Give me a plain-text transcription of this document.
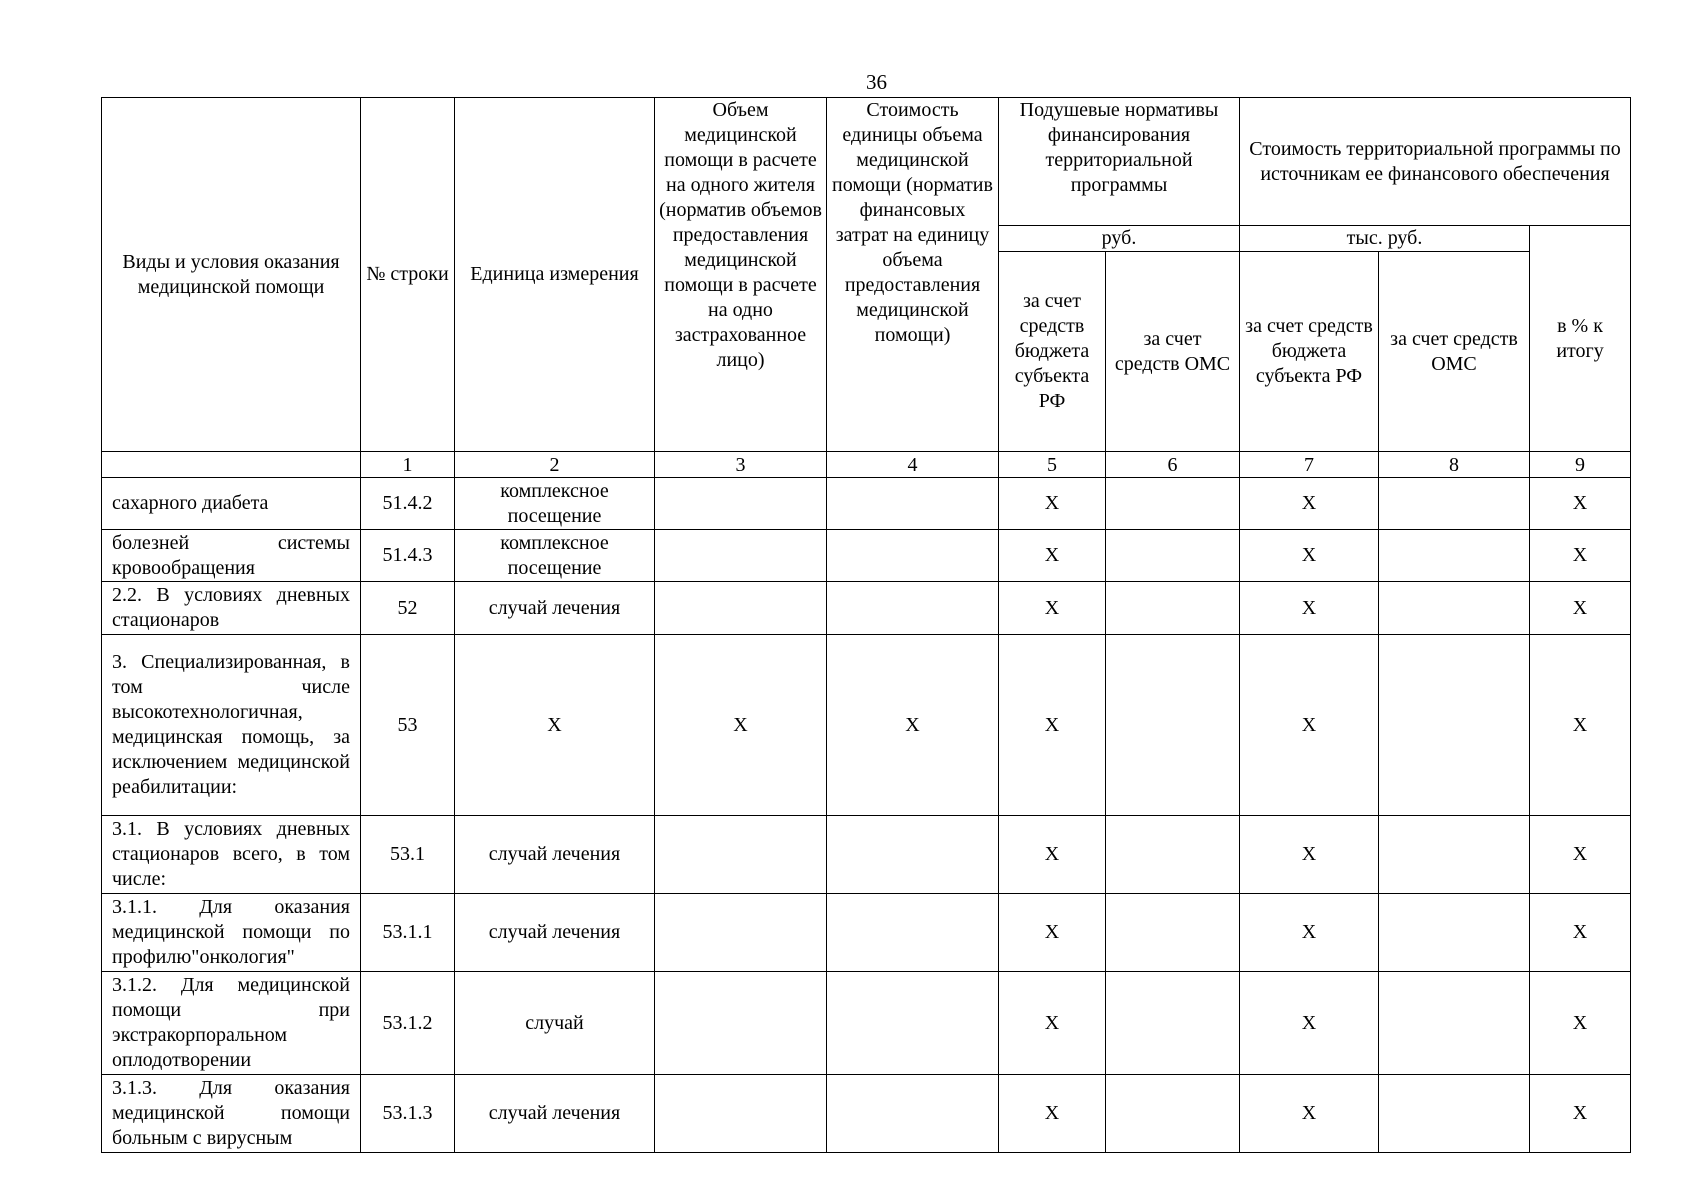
36
Виды и условия оказания медицинской помощи	№ строки	Единица измерения	Объем медицинской помощи в расчете на одного жителя (норматив объемов предоставления медицинской помощи в расчете на одно застрахованное лицо)	Стоимость единицы объема медицинской помощи (норматив финансовых затрат на единицу объема предоставления медицинской помощи)	Подушевые нормативы финансирования территориальной программы		Стоимость территориальной программы по источникам ее финансового обеспечения		
					руб.		тыс. руб.		в % к итогу
					за счет средств бюджета субъекта РФ	за счет средств ОМС	за счет средств бюджета субъекта РФ	за счет средств ОМС	
	1	2	3	4	5	6	7	8	9
сахарного диабета	51.4.2	комплексное посещение			X		X		X
болезней системы кровообращения	51.4.3	комплексное посещение			X		X		X
2.2. В условиях дневных стационаров	52	случай лечения			X		X		X
3. Специализированная, в том числе высокотехнологичная, медицинская помощь, за исключением медицинской реабилитации:	53	X	X	X	X		X		X
3.1. В условиях дневных стационаров всего, в том числе:	53.1	случай лечения			X		X		X
3.1.1. Для оказания медицинской помощи по профилю"онкология"	53.1.1	случай лечения			X		X		X
3.1.2. Для медицинской помощи при экстракорпоральном оплодотворении	53.1.2	случай			X		X		X
3.1.3. Для оказания медицинской помощи больным с вирусным	53.1.3	случай лечения			X		X		X
